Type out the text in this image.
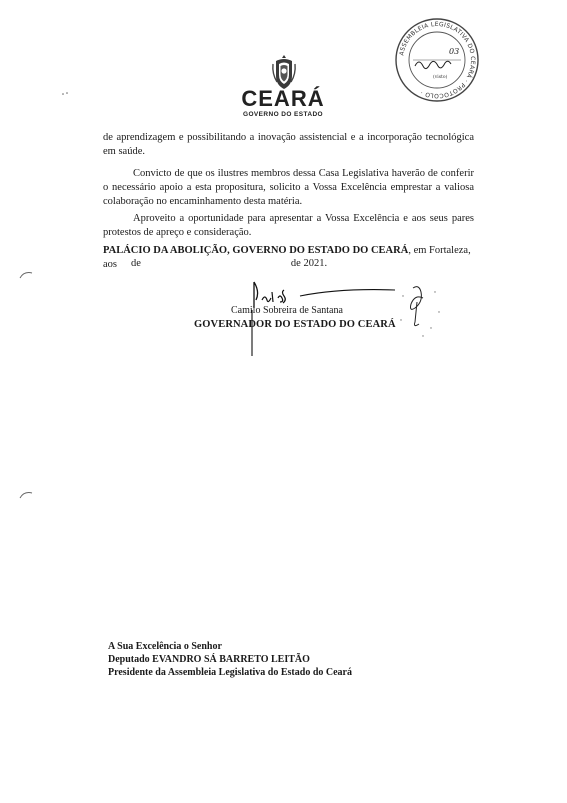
CEARÁ
GOVERNO DO ESTADO
ASSEMBLEIA LEGISLATIVA DO CEARÁ · PROTOCOLO ·
03
(visto)
de aprendizagem e possibilitando a inovação assistencial e a incorporação tecnológica em saúde.
Convicto de que os ilustres membros dessa Casa Legislativa haverão de conferir o necessário apoio a esta propositura, solicito a Vossa Excelência emprestar a valiosa colaboração no encaminhamento desta matéria.
Aproveito a oportunidade para apresentar a Vossa Excelência e aos seus pares protestos de apreço e consideração.
PALÁCIO DA ABOLIÇÃO, GOVERNO DO ESTADO DO CEARÁ, em Fortaleza, aos	de	de 2021.
Camilo Sobreira de Santana
GOVERNADOR DO ESTADO DO CEARÁ
A Sua Excelência o Senhor
Deputado EVANDRO SÁ BARRETO LEITÃO
Presidente da Assembleia Legislativa do Estado do Ceará
